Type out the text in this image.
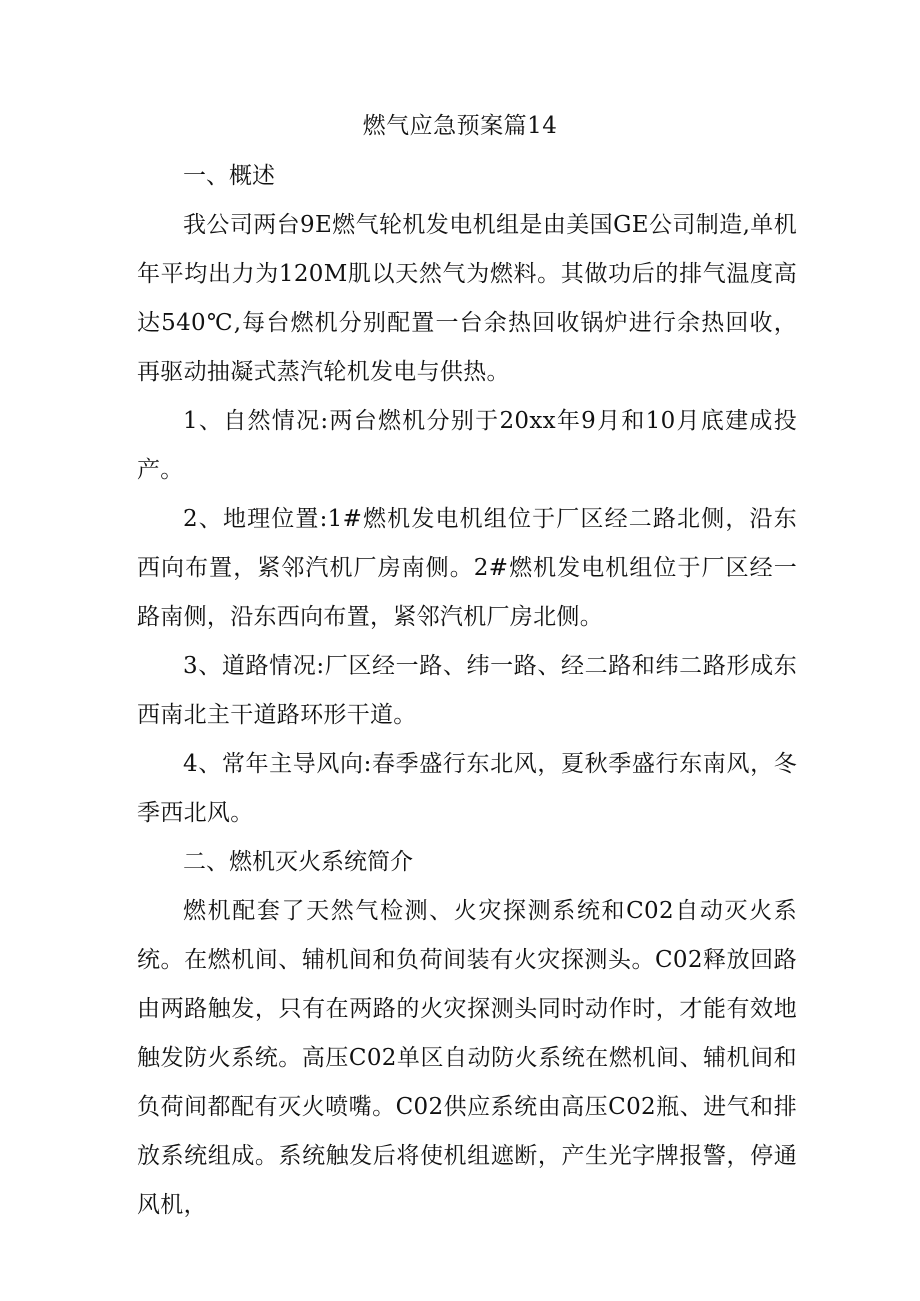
燃气应急预案篇14

一、概述

我公司两台9E燃气轮机发电机组是由美国GE公司制造,单机年平均出力为120M肌以天然气为燃料。其做功后的排气温度高达540℃,每台燃机分别配置一台余热回收锅炉进行余热回收，再驱动抽凝式蒸汽轮机发电与供热。

1、自然情况:两台燃机分别于20xx年9月和10月底建成投产。

2、地理位置:1#燃机发电机组位于厂区经二路北侧，沿东西向布置，紧邻汽机厂房南侧。2#燃机发电机组位于厂区经一路南侧，沿东西向布置，紧邻汽机厂房北侧。

3、道路情况:厂区经一路、纬一路、经二路和纬二路形成东西南北主干道路环形干道。

4、常年主导风向:春季盛行东北风，夏秋季盛行东南风，冬季西北风。

二、燃机灭火系统简介

燃机配套了天然气检测、火灾探测系统和C02自动灭火系统。在燃机间、辅机间和负荷间装有火灾探测头。C02释放回路由两路触发，只有在两路的火灾探测头同时动作时，才能有效地触发防火系统。高压C02单区自动防火系统在燃机间、辅机间和负荷间都配有灭火喷嘴。C02供应系统由高压C02瓶、进气和排放系统组成。系统触发后将使机组遮断，产生光字牌报警，停通风机，
